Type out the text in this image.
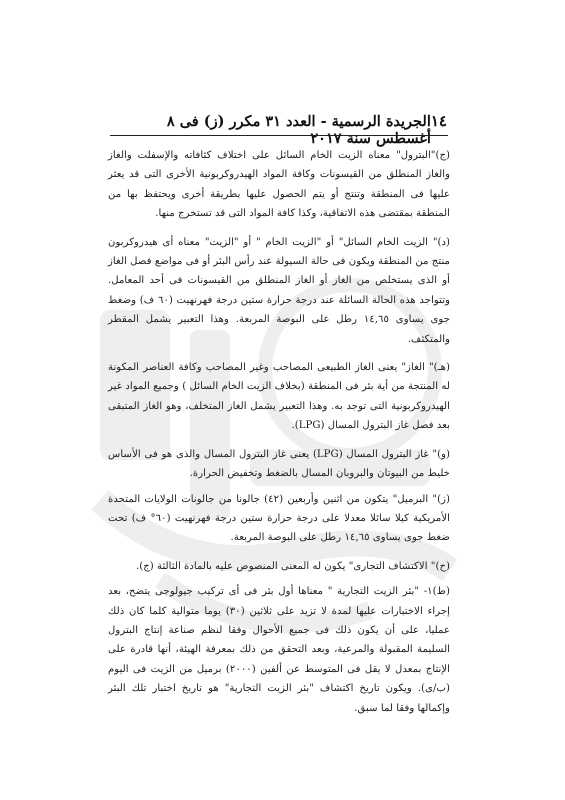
١٤
الجريدة الرسمية - العدد ٣١ مكرر (ز) فى ٨ أغسطس سنة ٢٠١٧

(ج)"البترول" معناه الزيت الخام السائل على اختلاف كثافاته والإسفلت والغاز والغاز المنطلق من القيسونات وكافة المواد الهيدروكربونية الأخرى التى قد يعثر عليها فى المنطقة وتنتج أو يتم الحصول عليها بطريقة أخرى ويحتفظ بها من المنطقة بمقتضى هذه الاتفاقية، وكذا كافة المواد التى قد تستخرج منها.

(د)" الزيت الخام السائل" أو "الزيت الخام " أو "الزيت" معناه أى هيدروكربون منتج من المنطقة ويكون فى حالة السيولة عند رأس البئر أو فى مواضع فصل الغاز أو الذى يستخلص من الغاز أو الغاز المنطلق من القيسونات فى أحد المعامل. وتتواجد هذه الحالة السائلة عند درجة حرارة ستين درجة فهرنهيت (٦٠ ف) وضغط جوى يساوى ١٤,٦٥ رطل على البوصة المربعة. وهذا التعبير يشمل المقطر والمتكثف.

(هـ)" الغاز" يعنى الغاز الطبيعى المصاحب وغير المصاحب وكافة العناصر المكونة له المنتجة من أية بئر فى المنطقة (بخلاف الزيت الخام السائل ) وجميع المواد غير الهيدروكربونية التى توجد به. وهذا التعبير يشمل الغاز المتخلف، وهو الغاز المتبقى بعد فصل غاز البترول المسال (LPG).

(و)" غاز البترول المسال (LPG) يعنى غاز البترول المسال والذى هو فى الأساس خليط من البيوتان والبروبان المسال بالضغط وتخفيض الحرارة.

(ز)" البرميل" يتكون من اثنين وأربعين (٤٢) جالونا من جالونات الولايات المتحدة الأمريكية كيلا سائلا معدلا على درجة حرارة ستين درجة فهرنهيت (٦٠° ف) تحت ضغط جوى يساوى ١٤,٦٥ رطل على البوصة المربعة.

(ح)" الاكتشاف التجارى" يكون له المعنى المنصوص عليه بالمادة الثالثة (ج).

(ط)١- "بئر الزيت التجارية " معناها أول بئر فى أى تركيب جيولوجى يتضح، بعد إجراء الاختبارات عليها لمدة لا تزيد على ثلاثين (٣٠) يوما متوالية كلما كان ذلك عمليا، على أن يكون ذلك فى جميع الأحوال وفقا لنظم صناعة إنتاج البترول السليمة المقبولة والمرعية، وبعد التحقق من ذلك بمعرفة الهيئة، أنها قادرة على الإنتاج بمعدل لا يقل فى المتوسط عن ألفين (٢٠٠٠) برميل من الزيت فى اليوم (ب/ى). ويكون تاريخ اكتشاف "بئر الزيت التجارية" هو تاريخ اختبار تلك البئر وإكمالها وفقا لما سبق.
